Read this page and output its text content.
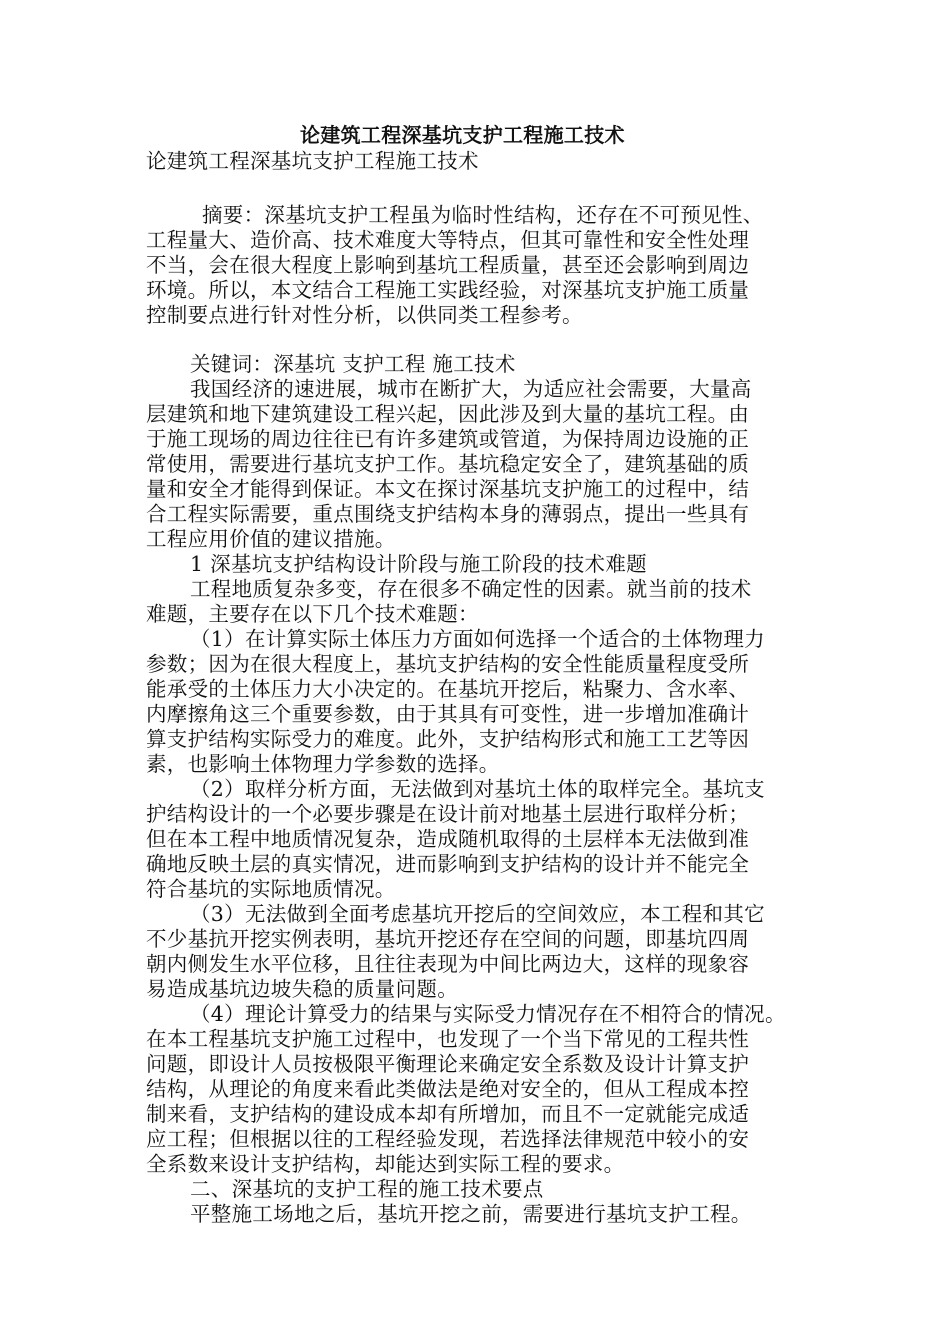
论建筑工程深基坑支护工程施工技术
论建筑工程深基坑支护工程施工技术
摘要：深基坑支护工程虽为临时性结构，还存在不可预见性、
工程量大、造价高、技术难度大等特点，但其可靠性和安全性处理
不当，会在很大程度上影响到基坑工程质量，甚至还会影响到周边
环境。所以，本文结合工程施工实践经验，对深基坑支护施工质量
控制要点进行针对性分析，以供同类工程参考。
关键词：深基坑 支护工程 施工技术
我国经济的速进展，城市在断扩大，为适应社会需要，大量高
层建筑和地下建筑建设工程兴起，因此涉及到大量的基坑工程。由
于施工现场的周边往往已有许多建筑或管道，为保持周边设施的正
常使用，需要进行基坑支护工作。基坑稳定安全了，建筑基础的质
量和安全才能得到保证。本文在探讨深基坑支护施工的过程中，结
合工程实际需要，重点围绕支护结构本身的薄弱点，提出一些具有
工程应用价值的建议措施。
1 深基坑支护结构设计阶段与施工阶段的技术难题
工程地质复杂多变，存在很多不确定性的因素。就当前的技术
难题，主要存在以下几个技术难题：
（1）在计算实际土体压力方面如何选择一个适合的土体物理力
参数；因为在很大程度上，基坑支护结构的安全性能质量程度受所
能承受的土体压力大小决定的。在基坑开挖后，粘聚力、含水率、
内摩擦角这三个重要参数，由于其具有可变性，进一步增加准确计
算支护结构实际受力的难度。此外，支护结构形式和施工工艺等因
素，也影响土体物理力学参数的选择。
（2）取样分析方面，无法做到对基坑土体的取样完全。基坑支
护结构设计的一个必要步骤是在设计前对地基土层进行取样分析；
但在本工程中地质情况复杂，造成随机取得的土层样本无法做到准
确地反映土层的真实情况，进而影响到支护结构的设计并不能完全
符合基坑的实际地质情况。
（3）无法做到全面考虑基坑开挖后的空间效应，本工程和其它
不少基抗开挖实例表明，基坑开挖还存在空间的问题，即基坑四周
朝内侧发生水平位移，且往往表现为中间比两边大，这样的现象容
易造成基坑边坡失稳的质量问题。
（4）理论计算受力的结果与实际受力情况存在不相符合的情况。
在本工程基坑支护施工过程中，也发现了一个当下常见的工程共性
问题，即设计人员按极限平衡理论来确定安全系数及设计计算支护
结构，从理论的角度来看此类做法是绝对安全的，但从工程成本控
制来看，支护结构的建设成本却有所增加，而且不一定就能完成适
应工程；但根据以往的工程经验发现，若选择法律规范中较小的安
全系数来设计支护结构，却能达到实际工程的要求。
二、深基坑的支护工程的施工技术要点
平整施工场地之后，基坑开挖之前，需要进行基坑支护工程。
